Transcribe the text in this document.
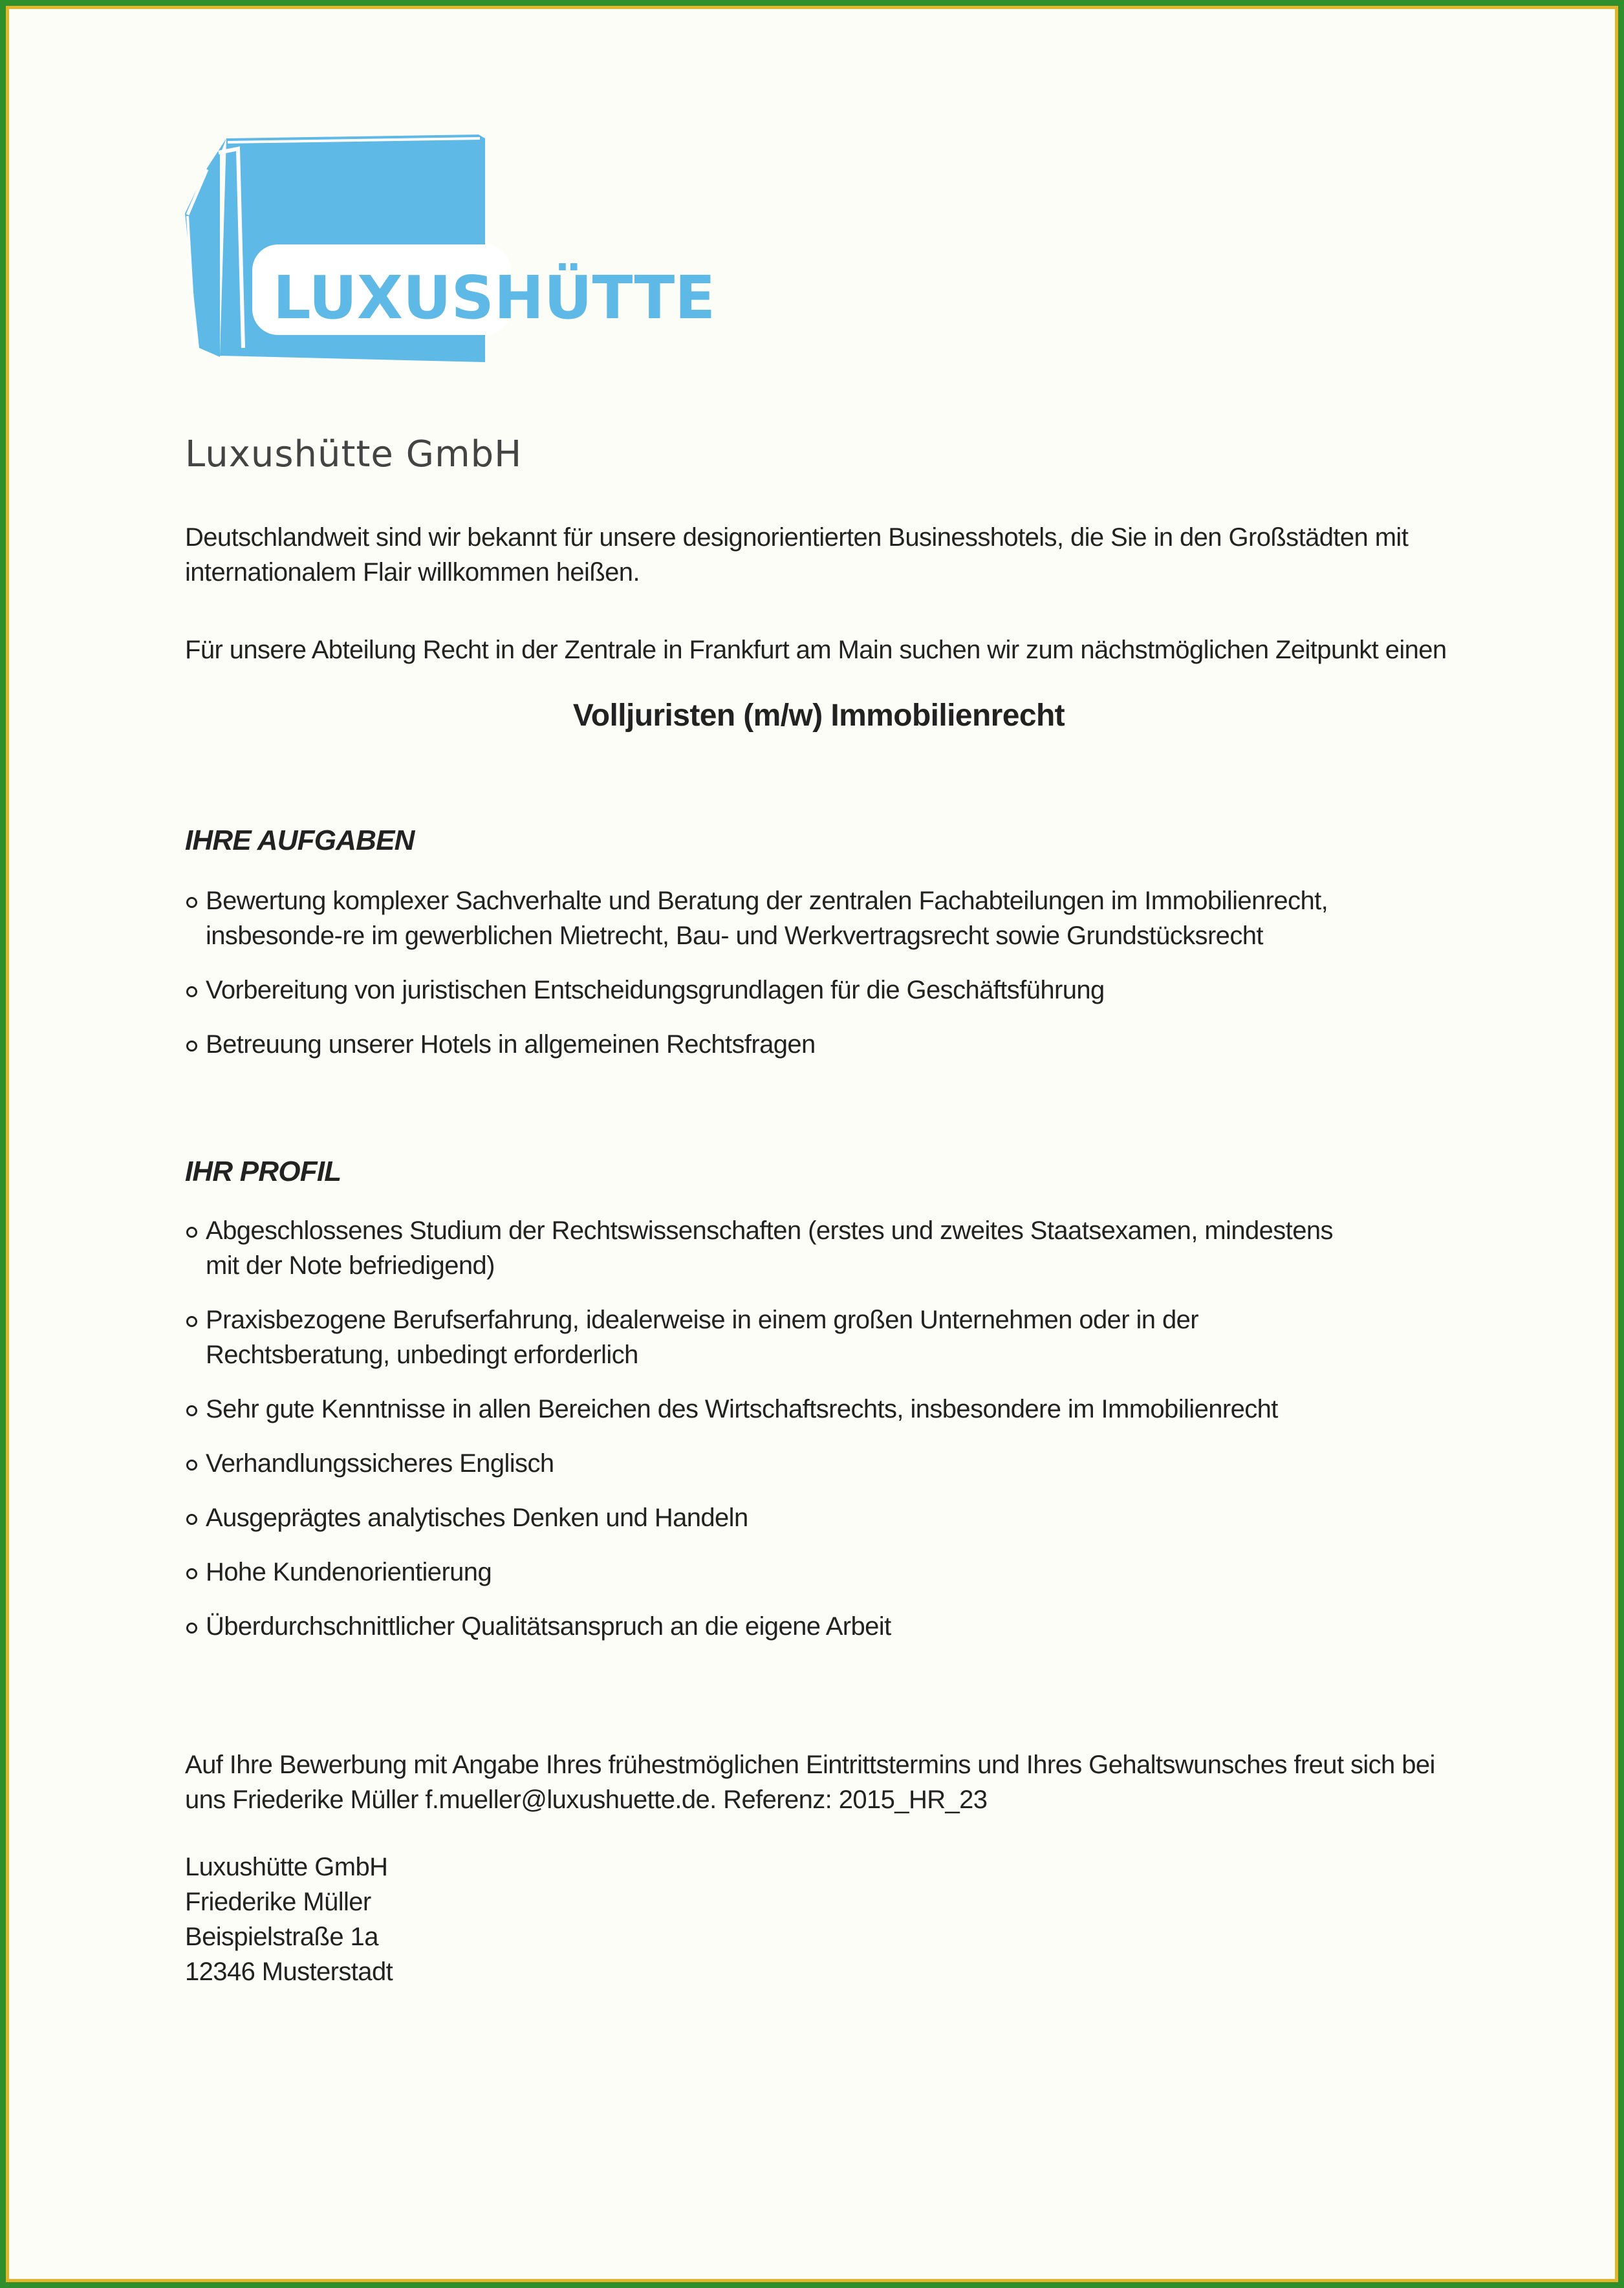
LUXUSHÜTTE
Luxushütte GmbH

Deutschlandweit sind wir bekannt für unsere designorientierten Businesshotels, die Sie in den Großstädten mit internationalem Flair willkommen heißen.

Für unsere Abteilung Recht in der Zentrale in Frankfurt am Main suchen wir zum nächstmöglichen Zeitpunkt einen

Volljuristen (m/w) Immobilienrecht
IHRE AUFGABEN
Bewertung komplexer Sachverhalte und Beratung der zentralen Fachabteilungen im Immobilienrecht, insbesonde-re im gewerblichen Mietrecht, Bau- und Werkvertragsrecht sowie Grundstücksrecht
Vorbereitung von juristischen Entscheidungsgrundlagen für die Geschäftsführung
Betreuung unserer Hotels in allgemeinen Rechtsfragen
IHR PROFIL
Abgeschlossenes Studium der Rechtswissenschaften (erstes und zweites Staatsexamen, mindestens mit der Note befriedigend)
Praxisbezogene Berufserfahrung, idealerweise in einem großen Unternehmen oder in der Rechtsberatung, unbedingt erforderlich
Sehr gute Kenntnisse in allen Bereichen des Wirtschaftsrechts, insbesondere im Immobilienrecht
Verhandlungssicheres Englisch
Ausgeprägtes analytisches Denken und Handeln
Hohe Kundenorientierung
Überdurchschnittlicher Qualitätsanspruch an die eigene Arbeit

Auf Ihre Bewerbung mit Angabe Ihres frühestmöglichen Eintrittstermins und Ihres Gehaltswunsches freut sich bei uns Friederike Müller f.mueller@luxushuette.de. Referenz: 2015_HR_23

Luxushütte GmbH
Friederike Müller
Beispielstraße 1a
12346 Musterstadt
